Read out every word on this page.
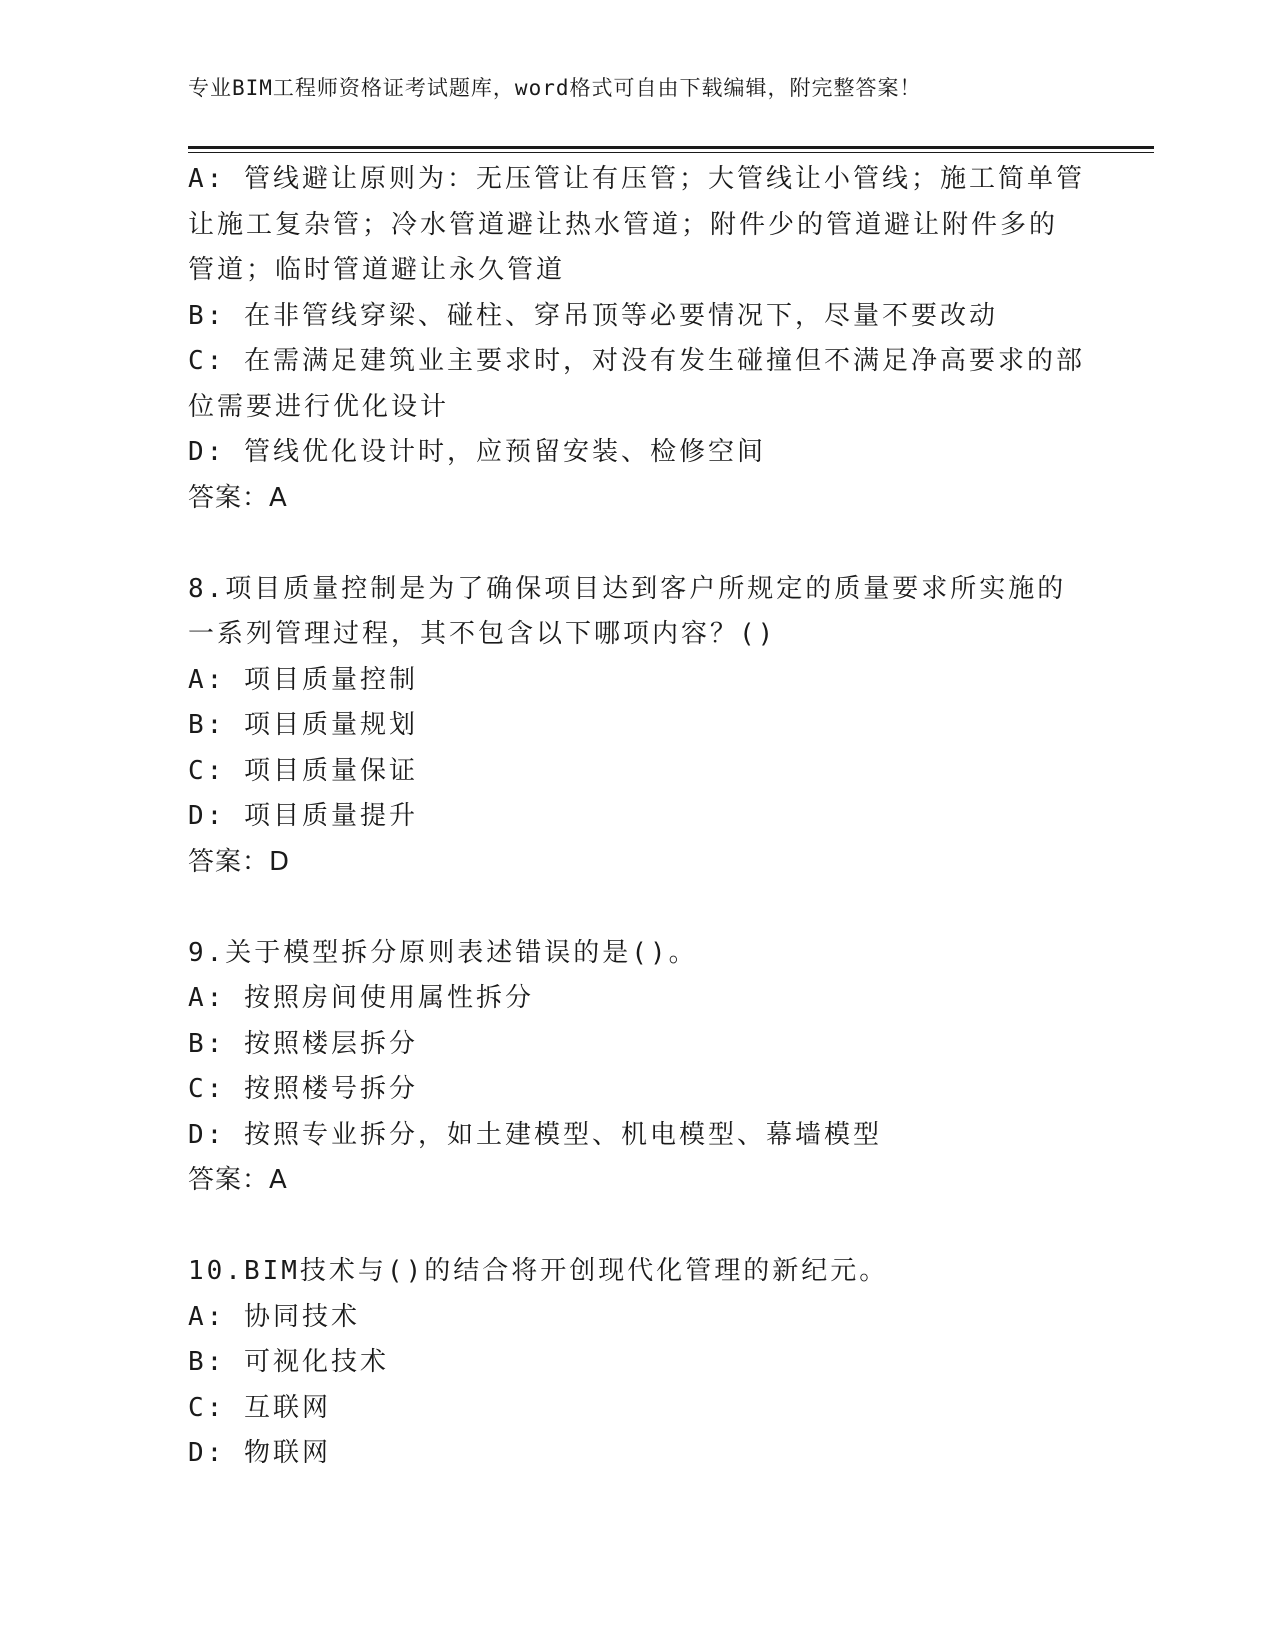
专业BIM工程师资格证考试题库，word格式可自由下载编辑，附完整答案！
A: 管线避让原则为：无压管让有压管；大管线让小管线；施工简单管
让施工复杂管；冷水管道避让热水管道；附件少的管道避让附件多的
管道；临时管道避让永久管道
B: 在非管线穿梁、碰柱、穿吊顶等必要情况下，尽量不要改动
C: 在需满足建筑业主要求时，对没有发生碰撞但不满足净高要求的部
位需要进行优化设计
D: 管线优化设计时，应预留安装、检修空间
答案：A
8.项目质量控制是为了确保项目达到客户所规定的质量要求所实施的
一系列管理过程，其不包含以下哪项内容？()
A: 项目质量控制
B: 项目质量规划
C: 项目质量保证
D: 项目质量提升
答案：D
9.关于模型拆分原则表述错误的是()。
A: 按照房间使用属性拆分
B: 按照楼层拆分
C: 按照楼号拆分
D: 按照专业拆分，如土建模型、机电模型、幕墙模型
答案：A
10.BIM技术与()的结合将开创现代化管理的新纪元。
A: 协同技术
B: 可视化技术
C: 互联网
D: 物联网
